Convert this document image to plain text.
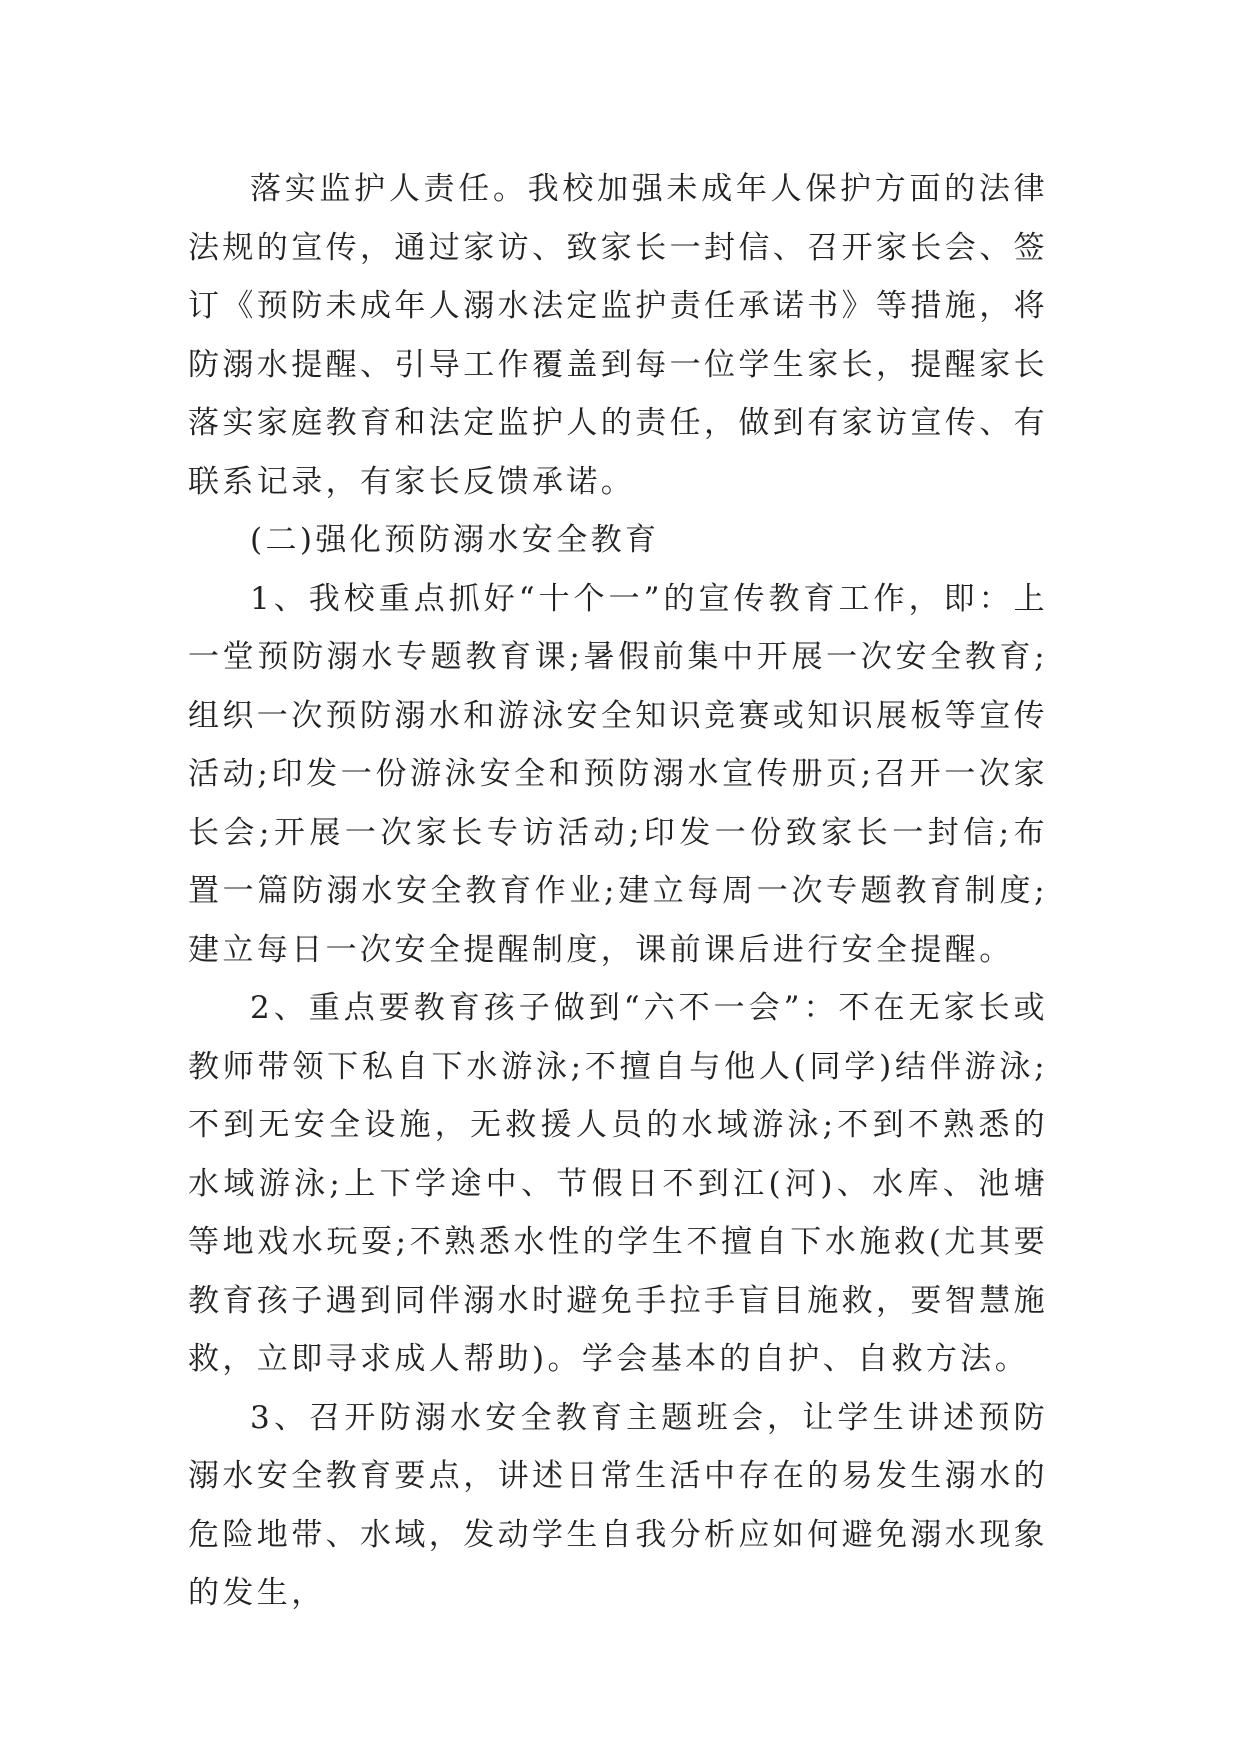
落实监护人责任。我校加强未成年人保护方面的法律法规的宣传，通过家访、致家长一封信、召开家长会、签订《预防未成年人溺水法定监护责任承诺书》等措施，将防溺水提醒、引导工作覆盖到每一位学生家长，提醒家长落实家庭教育和法定监护人的责任，做到有家访宣传、有联系记录，有家长反馈承诺。

(二)强化预防溺水安全教育

1、我校重点抓好“十个一”的宣传教育工作，即：上一堂预防溺水专题教育课;暑假前集中开展一次安全教育;组织一次预防溺水和游泳安全知识竞赛或知识展板等宣传活动;印发一份游泳安全和预防溺水宣传册页;召开一次家长会;开展一次家长专访活动;印发一份致家长一封信;布置一篇防溺水安全教育作业;建立每周一次专题教育制度;建立每日一次安全提醒制度，课前课后进行安全提醒。

2、重点要教育孩子做到“六不一会”：不在无家长或教师带领下私自下水游泳;不擅自与他人(同学)结伴游泳;不到无安全设施，无救援人员的水域游泳;不到不熟悉的水域游泳;上下学途中、节假日不到江(河)、水库、池塘等地戏水玩耍;不熟悉水性的学生不擅自下水施救(尤其要教育孩子遇到同伴溺水时避免手拉手盲目施救，要智慧施救，立即寻求成人帮助)。学会基本的自护、自救方法。

3、召开防溺水安全教育主题班会，让学生讲述预防溺水安全教育要点，讲述日常生活中存在的易发生溺水的危险地带、水域，发动学生自我分析应如何避免溺水现象的发生，
